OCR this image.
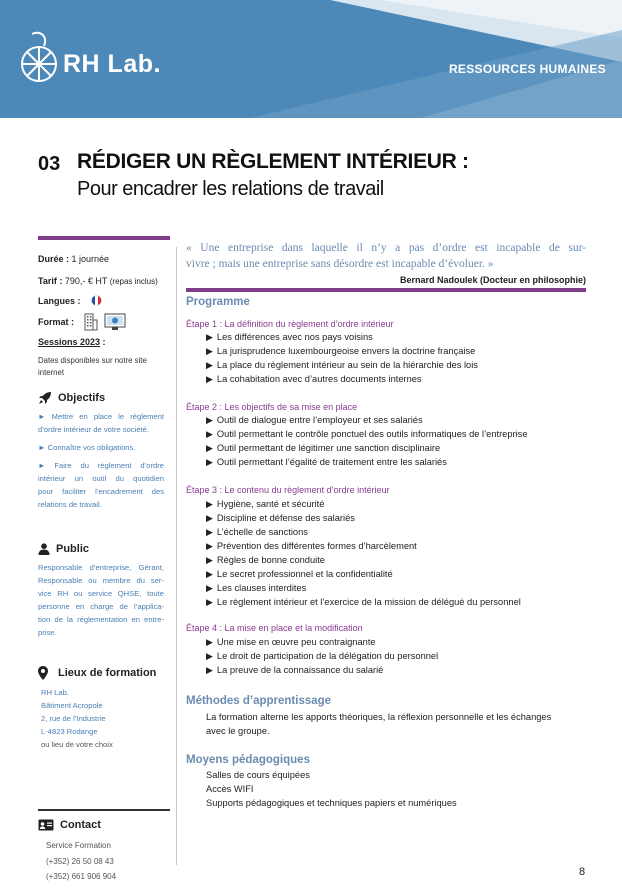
RH Lab.	RESSOURCES HUMAINES
03 RÉDIGER UN RÈGLEMENT INTÉRIEUR :
Pour encadrer les relations de travail
Durée : 1 journée
Tarif : 790,- € HT (repas inclus)
Langues :
Format :
Sessions 2023 :
Dates disponibles sur notre site
internet
Objectifs
► Mettre en place le règlement
d’ordre intérieur de votre société.
► Connaître vos obligations.
► Faire du règlement d’ordre
intérieur un outil du quotidien
pour faciliter l’encadrement des
relations de travail.
Public
Responsable d’entreprise, Gérant,
Responsable ou membre du ser-
vice RH ou service QHSE, toute
personne en charge de l’applica-
tion de la réglementation en entre-
prise.
Lieux de formation
RH Lab.
Bâtiment Acropole
2, rue de l’Industrie
L-4823 Rodange
ou lieu de votre choix
Contact
Service Formation
(+352) 26 50 08 43
(+352) 661 906 904
« Une entreprise dans laquelle il n’y a pas d’ordre est incapable de sur-
vivre ; mais une entreprise sans désordre est incapable d’évoluer. »
Bernard Nadoulek (Docteur en philosophie)
Programme
Étape 1 : La définition du règlement d’ordre intérieur
▶ Les différences avec nos pays voisins
▶ La jurisprudence luxembourgeoise envers la doctrine française
▶ La place du règlement intérieur au sein de la hiérarchie des lois
▶ La cohabitation avec d’autres documents internes
Étape 2 : Les objectifs de sa mise en place
▶ Outil de dialogue entre l’employeur et ses salariés
▶ Outil permettant le contrôle ponctuel des outils informatiques de l’entreprise
▶ Outil permettant de légitimer une sanction disciplinaire
▶ Outil permettant l’égalité de traitement entre les salariés
Étape 3 : Le contenu du règlement d’ordre intérieur
▶ Hygiène, santé et sécurité
▶ Discipline et défense des salariés
▶ L’échelle de sanctions
▶ Prévention des différentes formes d’harcèlement
▶ Règles de bonne conduite
▶ Le secret professionnel et la confidentialité
▶ Les clauses interdites
▶ Le règlement intérieur et l’exercice de la mission de délégué du personnel
Étape 4 : La mise en place et la modification
▶ Une mise en œuvre peu contraignante
▶ Le droit de participation de la délégation du personnel
▶ La preuve de la connaissance du salarié
Méthodes d’apprentissage
La formation alterne les apports théoriques, la réflexion personnelle et les échanges
avec le groupe.
Moyens pédagogiques
Salles de cours équipées
Accès WIFI
Supports pédagogiques et techniques papiers et numériques
8
